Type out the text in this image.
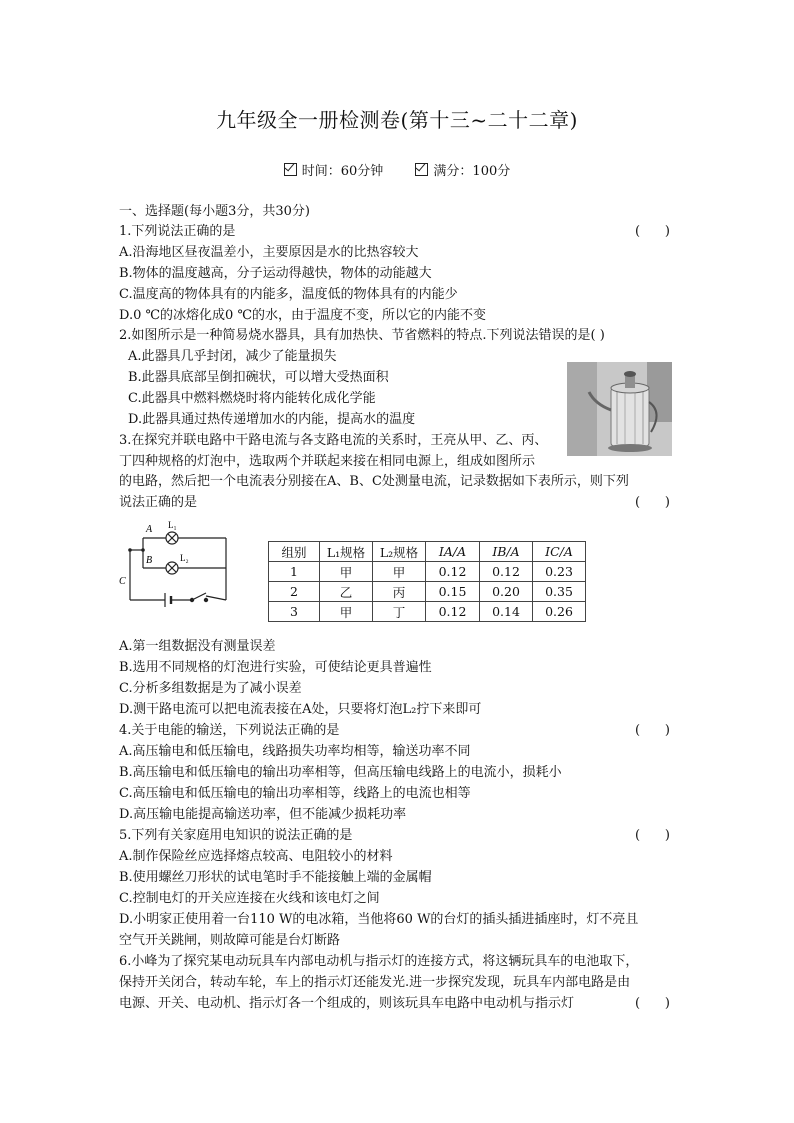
九年级全一册检测卷(第十三~二十二章)
时间：60分钟	满分：100分
一、选择题(每小题3分，共30分)
1.下列说法正确的是	(      )
A.沿海地区昼夜温差小，主要原因是水的比热容较大
B.物体的温度越高，分子运动得越快，物体的动能越大
C.温度高的物体具有的内能多，温度低的物体具有的内能少
D.0 ℃的冰熔化成0 ℃的水，由于温度不变，所以它的内能不变
2.如图所示是一种简易烧水器具，具有加热快、节省燃料的特点.下列说法错误的是( )
A.此器具几乎封闭，减少了能量损失
B.此器具底部呈倒扣碗状，可以增大受热面积
C.此器具中燃料燃烧时将内能转化成化学能
D.此器具通过热传递增加水的内能，提高水的温度
3.在探究并联电路中干路电流与各支路电流的关系时，王亮从甲、乙、丙、
丁四种规格的灯泡中，选取两个并联起来接在相同电源上，组成如图所示
的电路，然后把一个电流表分别接在A、B、C处测量电流，记录数据如下表所示，则下列
说法正确的是	(      )
A
B
C
L₁
L₂	组别	L₁规格	L₂规格	IA/A	IB/A	IC/A
1	甲	甲	0.12	0.12	0.23
2	乙	丙	0.15	0.20	0.35
3	甲	丁	0.12	0.14	0.26
A.第一组数据没有测量误差
B.选用不同规格的灯泡进行实验，可使结论更具普遍性
C.分析多组数据是为了减小误差
D.测干路电流可以把电流表接在A处，只要将灯泡L₂拧下来即可
4.关于电能的输送，下列说法正确的是	(      )
A.高压输电和低压输电，线路损失功率均相等，输送功率不同
B.高压输电和低压输电的输出功率相等，但高压输电线路上的电流小，损耗小
C.高压输电和低压输电的输出功率相等，线路上的电流也相等
D.高压输电能提高输送功率，但不能减少损耗功率
5.下列有关家庭用电知识的说法正确的是	(      )
A.制作保险丝应选择熔点较高、电阻较小的材料
B.使用螺丝刀形状的试电笔时手不能接触上端的金属帽
C.控制电灯的开关应连接在火线和该电灯之间
D.小明家正使用着一台110 W的电冰箱，当他将60 W的台灯的插头插进插座时，灯不亮且
空气开关跳闸，则故障可能是台灯断路
6.小峰为了探究某电动玩具车内部电动机与指示灯的连接方式，将这辆玩具车的电池取下，
保持开关闭合，转动车轮，车上的指示灯还能发光.进一步探究发现，玩具车内部电路是由
电源、开关、电动机、指示灯各一个组成的，则该玩具车电路中电动机与指示灯	(      )
